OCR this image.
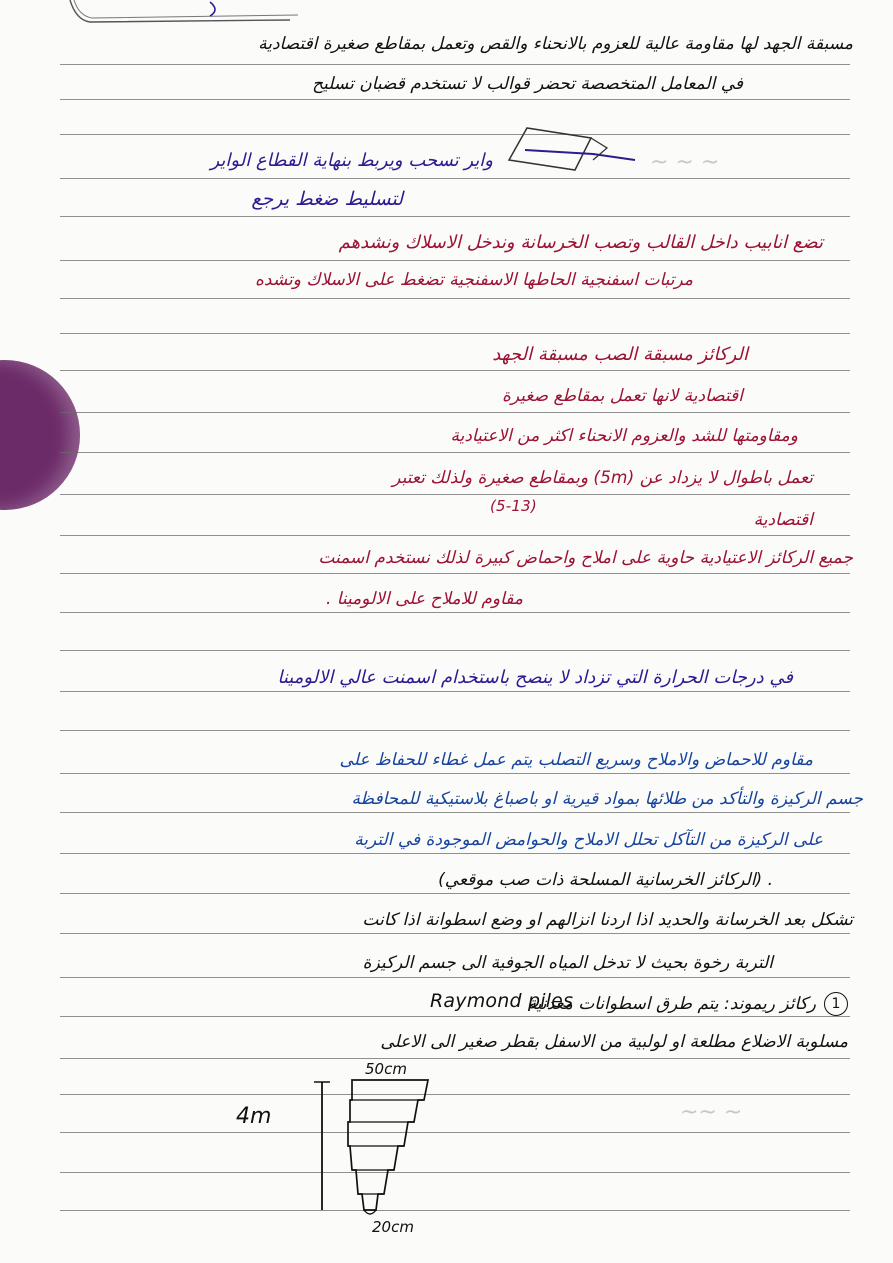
~ ~ ~
~~ ~
مسبقة الجهد لها مقاومة عالية للعزوم بالانحناء والقص وتعمل بمقاطع صغيرة اقتصادية
في المعامل المتخصصة تحضر قوالب لا تستخدم قضبان تسليح
واير تسحب ويربط بنهاية القطاع الواير
لتسليط ضغط يرجع
تضع انابيب داخل القالب وتصب الخرسانة وندخل الاسلاك ونشدهم
مرتبات اسفنجية الحاطها الاسفنجية تضغط على الاسلاك وتشده
الركائز مسبقة الصب مسبقة الجهد
اقتصادية لانها تعمل بمقاطع صغيرة
ومقاومتها للشد والعزوم الانحناء اكثر من الاعتيادية
تعمل باطوال لا يزداد عن (5m) وبمقاطع صغيرة ولذلك تعتبر
(5-13)
اقتصادية
جميع الركائز الاعتيادية حاوية على املاح واحماض كبيرة لذلك نستخدم اسمنت
مقاوم للاملاح على الالومينا .
في درجات الحرارة التي تزداد لا ينصح باستخدام اسمنت عالي الالومينا
مقاوم للاحماض والاملاح وسريع التصلب يتم عمل غطاء للحفاظ على
جسم الركيزة والتأكد من طلائها بمواد قيرية او باصباغ بلاستيكية للمحافظة
على الركيزة من التآكل تحلل الاملاح والحوامض الموجودة في التربة
. (الركائز الخرسانية المسلحة ذات صب موقعي)
تشكل بعد الخرسانة والحديد اذا اردنا انزالهم او وضع اسطوانة اذا كانت
التربة رخوة بحيث لا تدخل المياه الجوفية الى جسم الركيزة
1
ركائز ريموند: يتم طرق اسطوانات معدنية
Raymond piles
مسلوبة الاضلاع مطلعة او لولبية من الاسفل بقطر صغير الى الاعلى
50cm
4m
20cm
